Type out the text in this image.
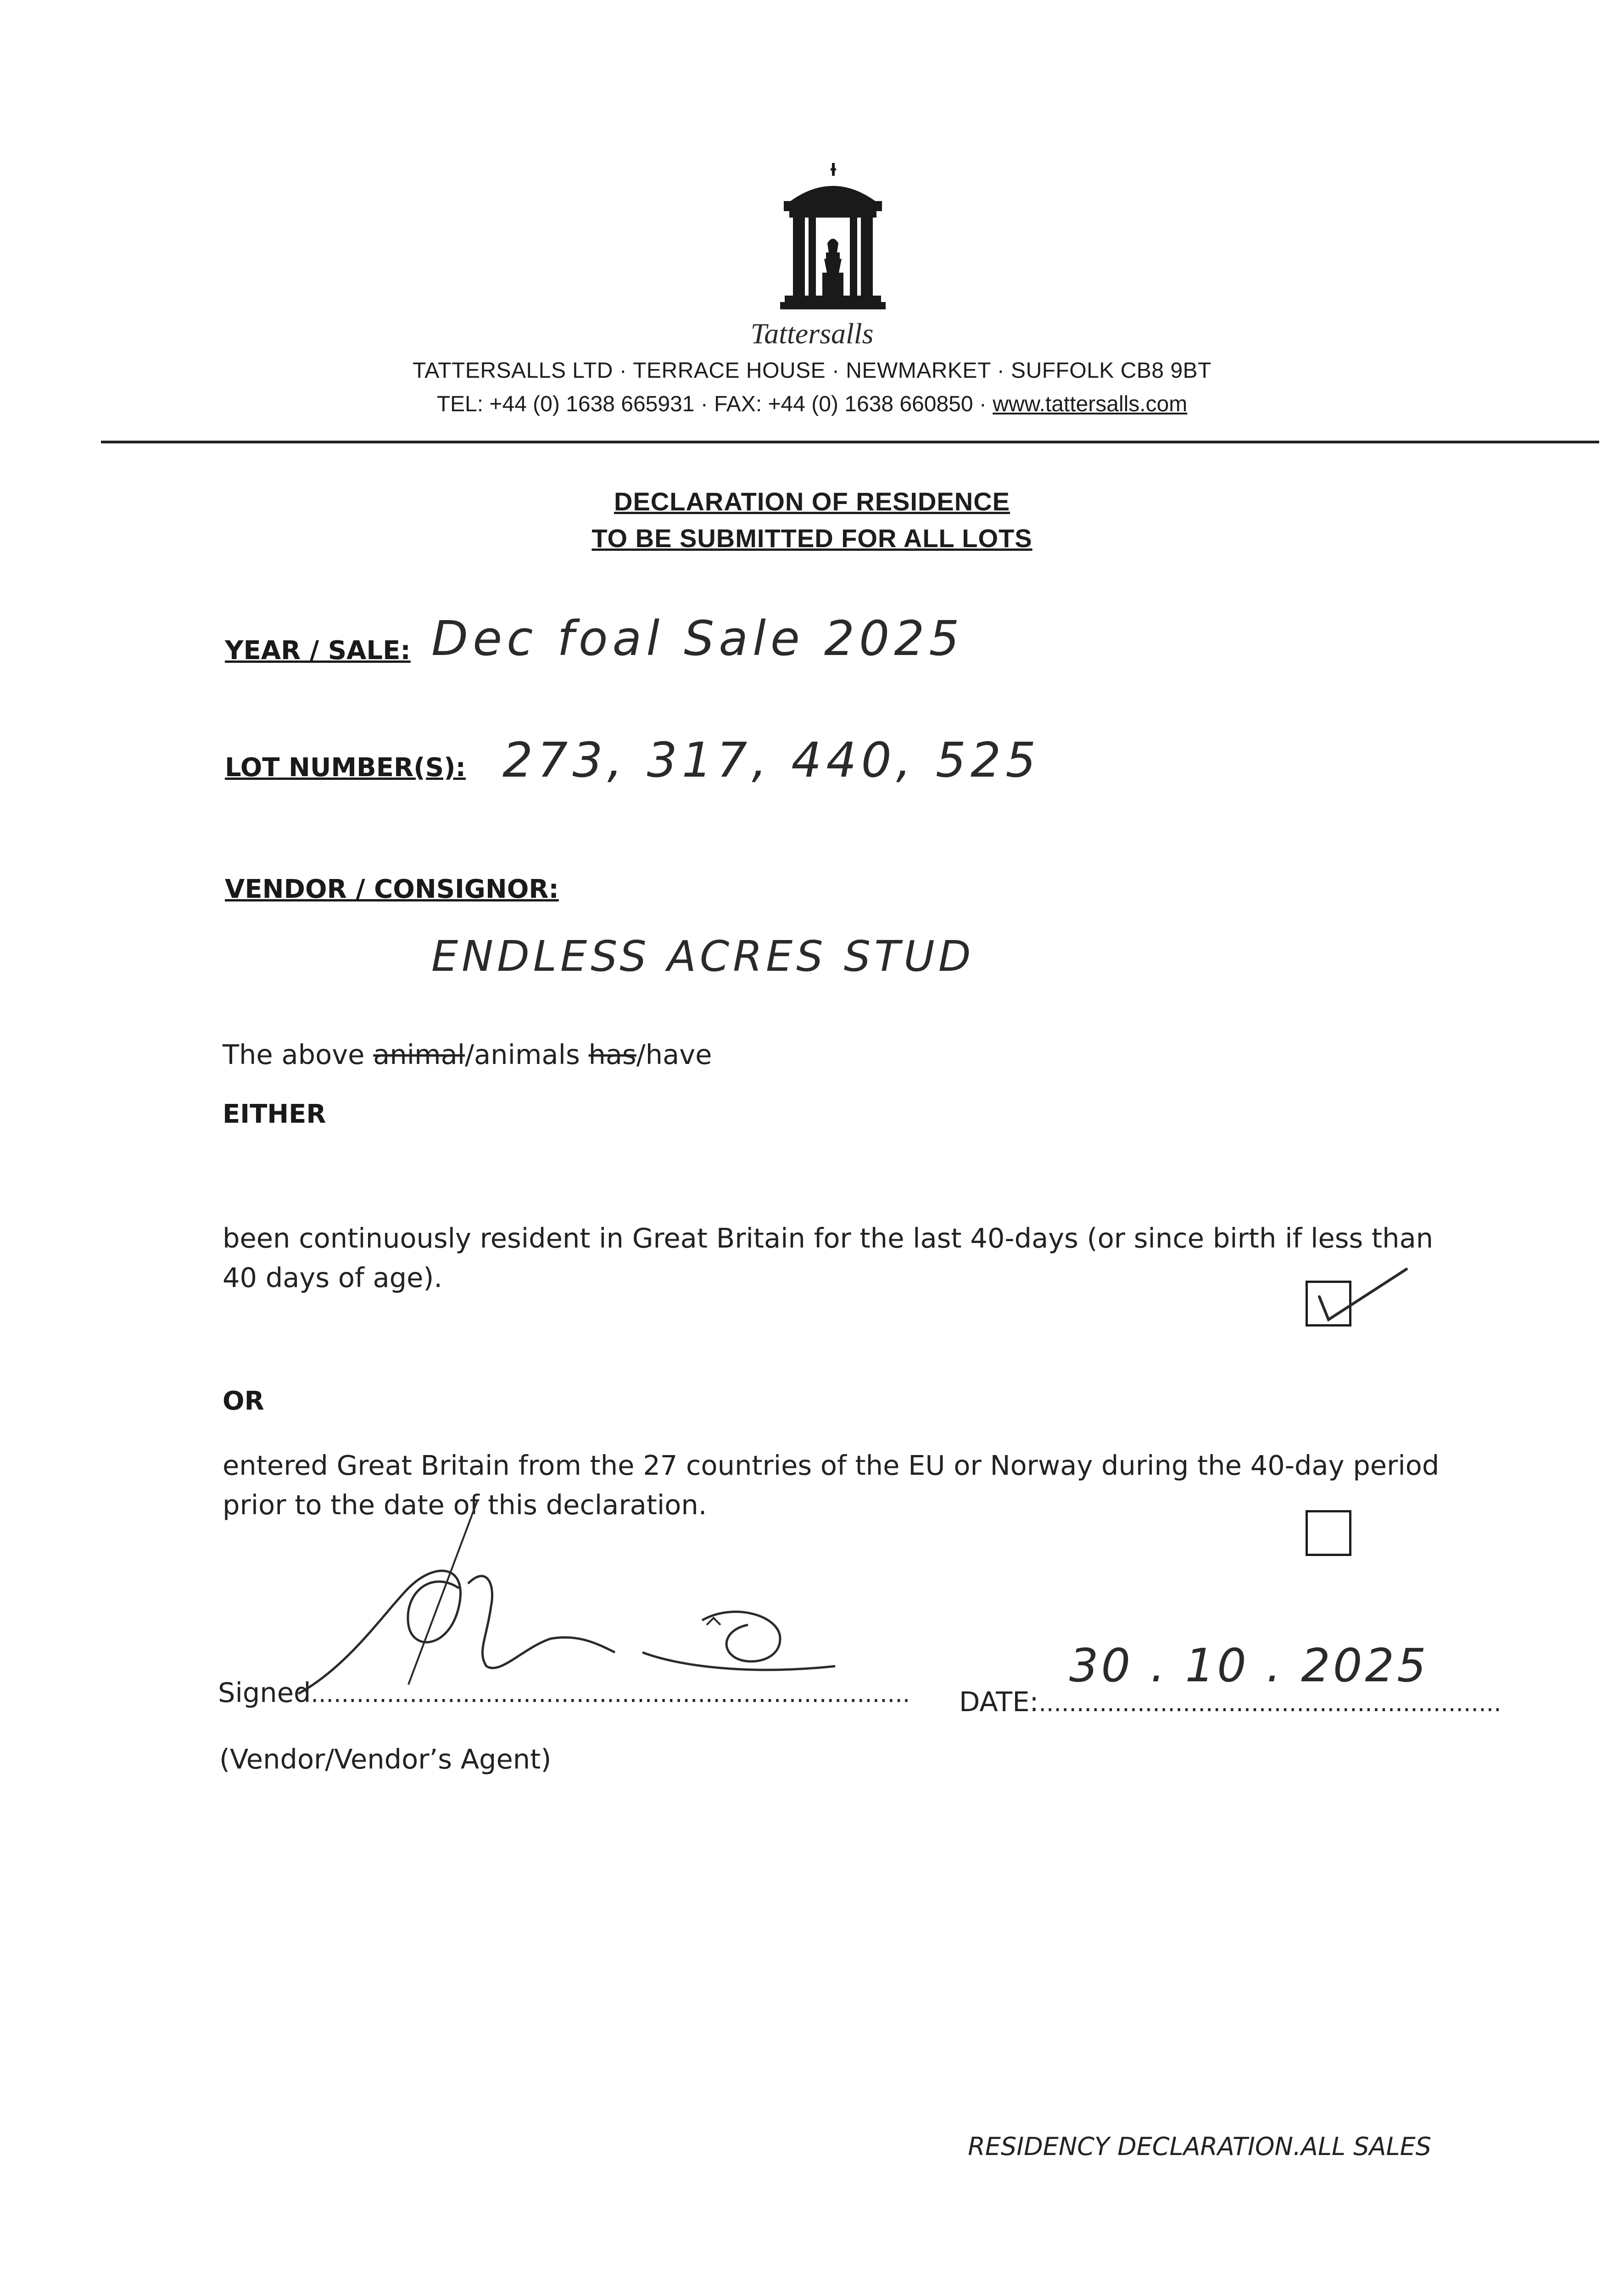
Tattersalls
TATTERSALLS LTD · TERRACE HOUSE · NEWMARKET · SUFFOLK CB8 9BT
TEL: +44 (0) 1638 665931 · FAX: +44 (0) 1638 660850 · www.tattersalls.com
DECLARATION OF RESIDENCE
TO BE SUBMITTED FOR ALL LOTS
YEAR / SALE: Dec foal Sale 2025
LOT NUMBER(S): 273, 317, 440, 525
VENDOR / CONSIGNOR:
ENDLESS ACRES STUD
The above animal/animals has/have
EITHER
been continuously resident in Great Britain for the last 40-days (or since birth if less than 40 days of age).
OR
entered Great Britain from the 27 countries of the EU or Norway during the 40-day period prior to the date of this declaration.
Signed............................................................................... DATE:.............................................................
30 . 10 . 2025
(Vendor/Vendor’s Agent)
RESIDENCY DECLARATION.ALL SALES
